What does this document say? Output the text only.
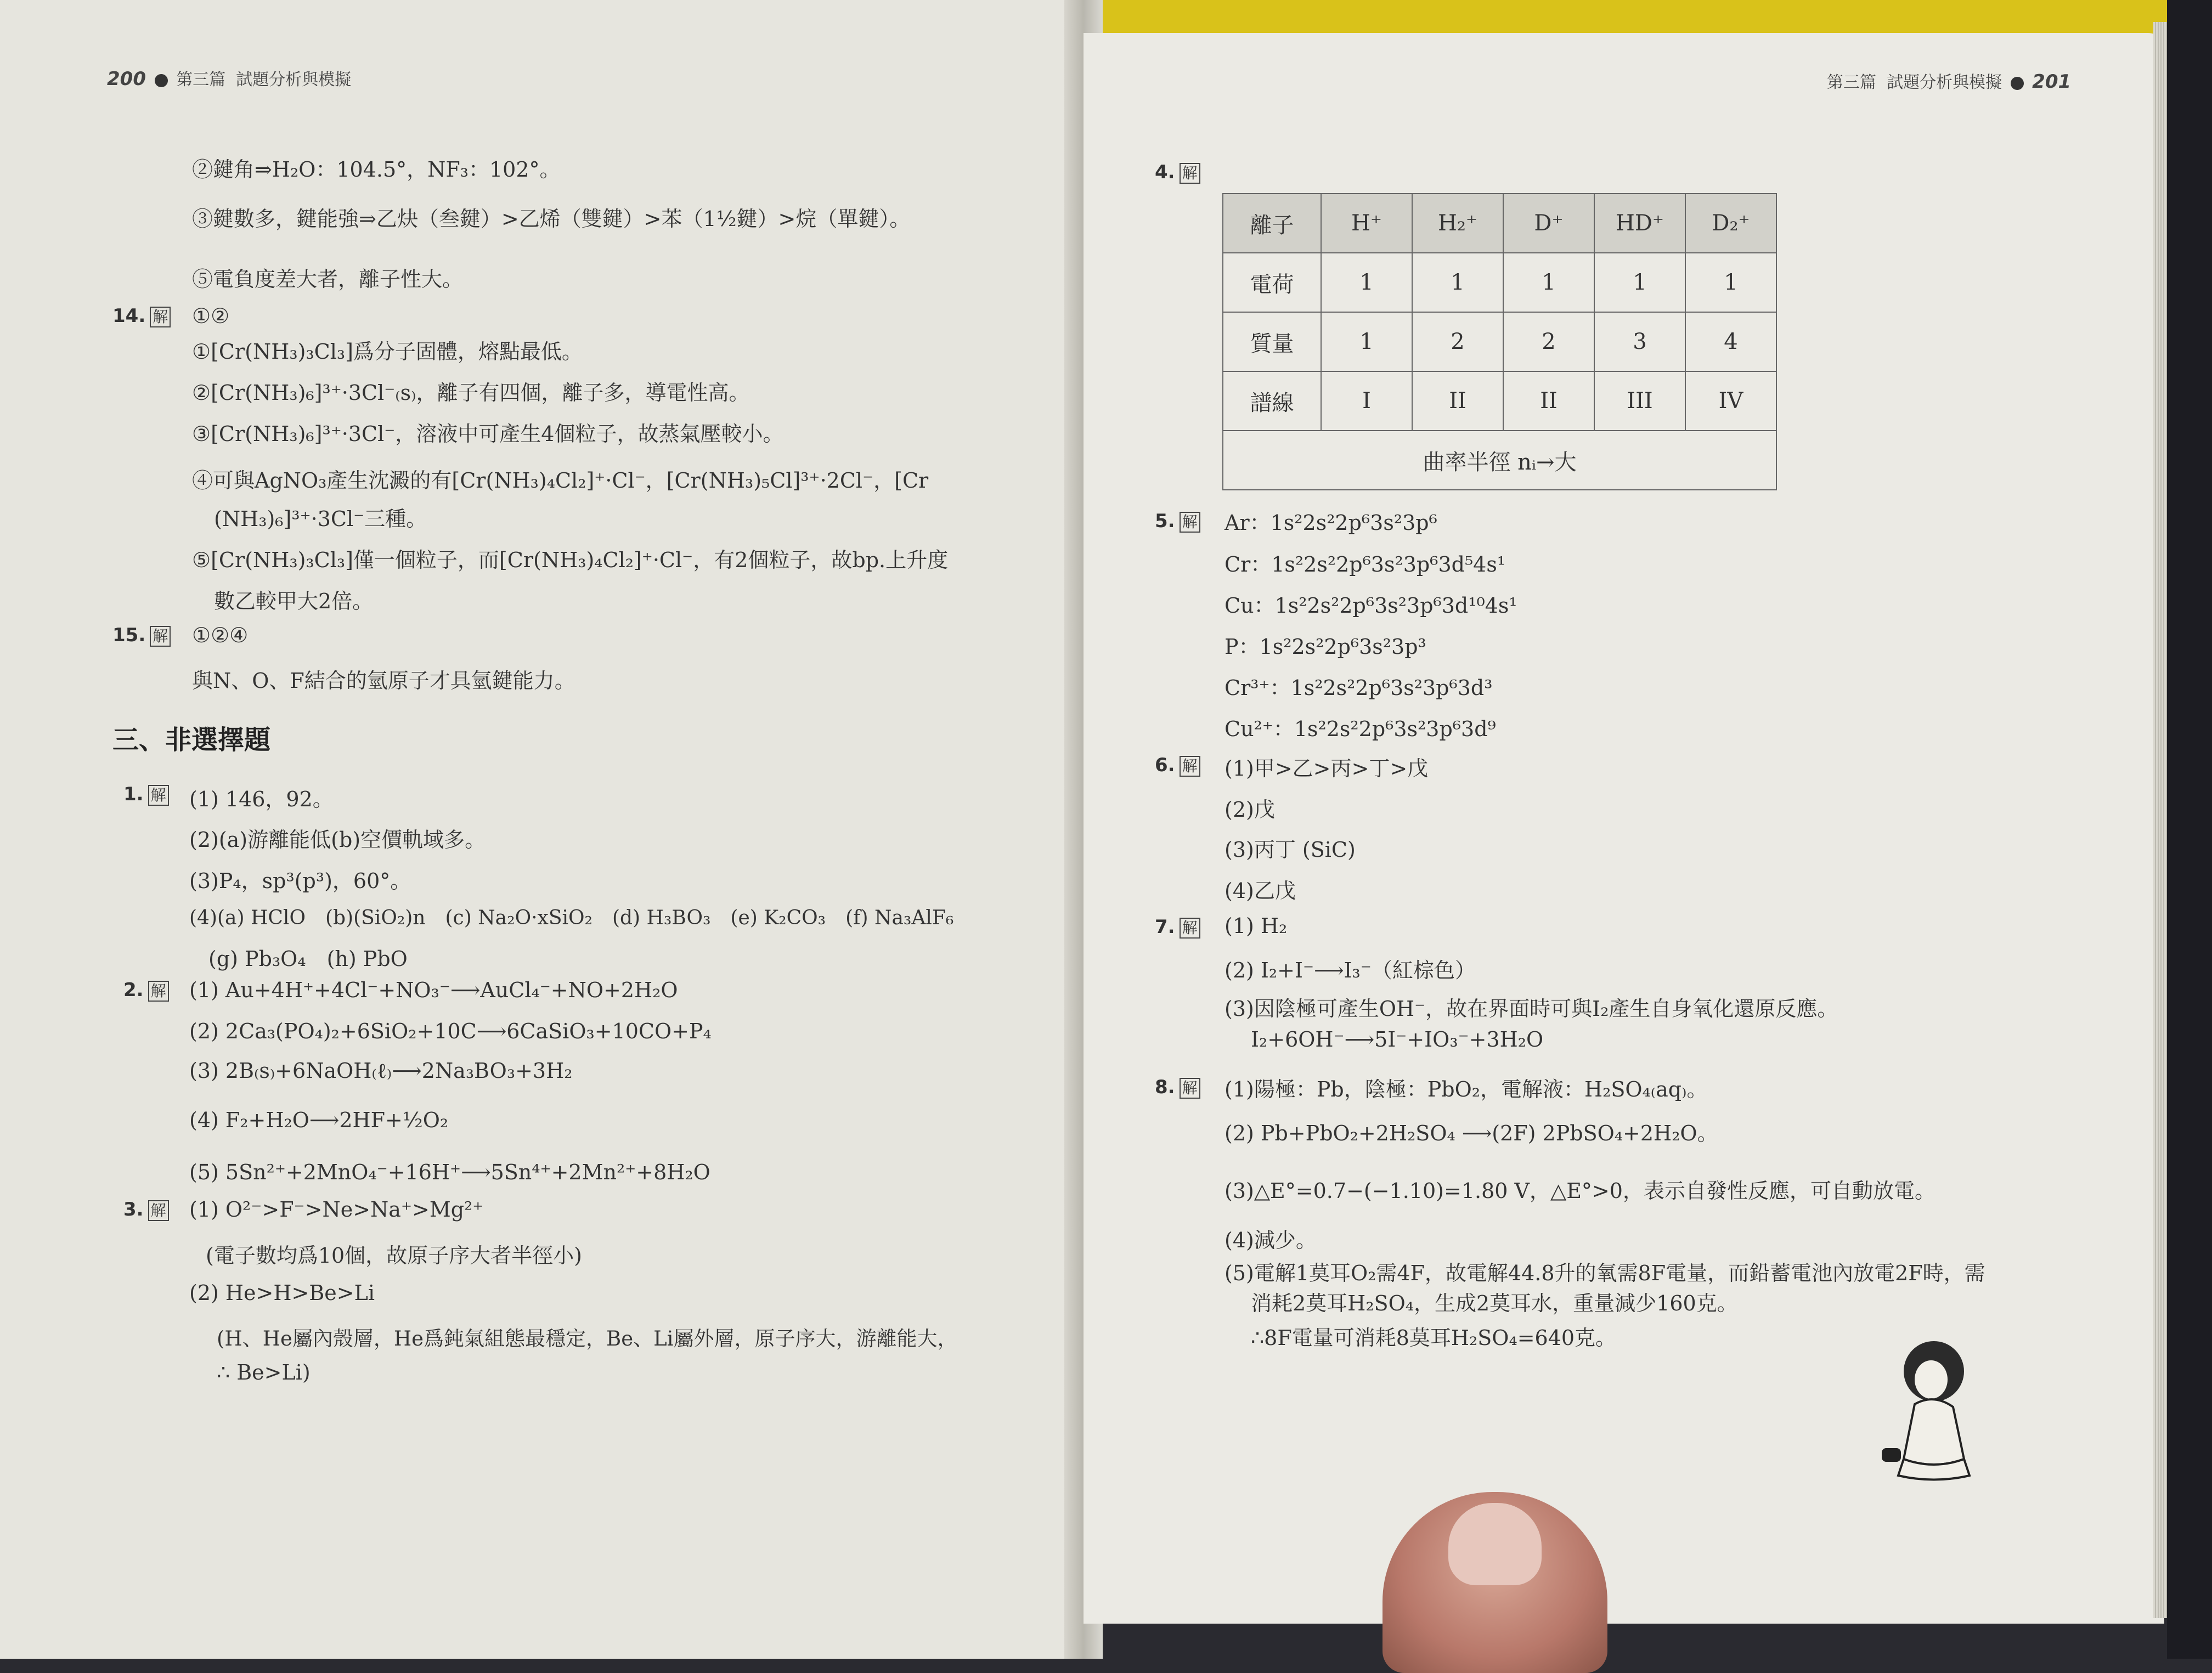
200 第三篇 試題分析與模擬
②鍵角⇒H₂O：104.5°，NF₃：102°。
③鍵數多，鍵能強⇒乙炔（叁鍵）>乙烯（雙鍵）>苯（1½鍵）>烷（單鍵）。
⑤電負度差大者，離子性大。
14. 解 ①②
①[Cr(NH₃)₃Cl₃]爲分子固體，熔點最低。
②[Cr(NH₃)₆]³⁺·3Cl⁻₍s₎，離子有四個，離子多，導電性高。
③[Cr(NH₃)₆]³⁺·3Cl⁻，溶液中可產生4個粒子，故蒸氣壓較小。
④可與AgNO₃產生沈澱的有[Cr(NH₃)₄Cl₂]⁺·Cl⁻，[Cr(NH₃)₅Cl]³⁺·2Cl⁻，[Cr
(NH₃)₆]³⁺·3Cl⁻三種。
⑤[Cr(NH₃)₃Cl₃]僅一個粒子，而[Cr(NH₃)₄Cl₂]⁺·Cl⁻，有2個粒子，故bp.上升度
數乙較甲大2倍。
15. 解 ①②④
與N、O、F結合的氫原子才具氫鍵能力。
三、非選擇題
1. 解 (1) 146，92。
(2)(a)游離能低(b)空價軌域多。
(3)P₄，sp³(p³)，60°。
(4)(a) HClO　(b)(SiO₂)n　(c) Na₂O·xSiO₂　(d) H₃BO₃　(e) K₂CO₃　(f) Na₃AlF₆
(g) Pb₃O₄　(h) PbO
2. 解 (1) Au+4H⁺+4Cl⁻+NO₃⁻⟶AuCl₄⁻+NO+2H₂O
(2) 2Ca₃(PO₄)₂+6SiO₂+10C⟶6CaSiO₃+10CO+P₄
(3) 2B₍s₎+6NaOH₍ℓ₎⟶2Na₃BO₃+3H₂
(4) F₂+H₂O⟶2HF+½O₂
(5) 5Sn²⁺+2MnO₄⁻+16H⁺⟶5Sn⁴⁺+2Mn²⁺+8H₂O
3. 解 (1) O²⁻>F⁻>Ne>Na⁺>Mg²⁺
(電子數均爲10個，故原子序大者半徑小)
(2) He>H>Be>Li
(H、He屬內殼層，He爲鈍氣組態最穩定，Be、Li屬外層，原子序大，游離能大，
∴ Be>Li)
第三篇 試題分析與模擬 201
4. 解
離子	H⁺	H₂⁺	D⁺	HD⁺	D₂⁺
電荷	1	1	1	1	1
質量	1	2	2	3	4
譜線	I	II	II	III	IV
曲率半徑 nᵢ→大					
5. 解 Ar：1s²2s²2p⁶3s²3p⁶
Cr：1s²2s²2p⁶3s²3p⁶3d⁵4s¹
Cu：1s²2s²2p⁶3s²3p⁶3d¹⁰4s¹
P：1s²2s²2p⁶3s²3p³
Cr³⁺：1s²2s²2p⁶3s²3p⁶3d³
Cu²⁺：1s²2s²2p⁶3s²3p⁶3d⁹
6. 解 (1)甲>乙>丙>丁>戊
(2)戊
(3)丙丁 (SiC)
(4)乙戊
7. 解 (1) H₂
(2) I₂+I⁻⟶I₃⁻（紅棕色）
(3)因陰極可產生OH⁻，故在界面時可與I₂產生自身氧化還原反應。
I₂+6OH⁻⟶5I⁻+IO₃⁻+3H₂O
8. 解 (1)陽極：Pb，陰極：PbO₂，電解液：H₂SO₄₍aq₎。
(2) Pb+PbO₂+2H₂SO₄ ⟶(2F) 2PbSO₄+2H₂O。
(3)△E°=0.7−(−1.10)=1.80 V，△E°>0，表示自發性反應，可自動放電。
(4)減少。
(5)電解1莫耳O₂需4F，故電解44.8升的氧需8F電量，而鉛蓄電池內放電2F時，需
消耗2莫耳H₂SO₄，生成2莫耳水，重量減少160克。
∴8F電量可消耗8莫耳H₂SO₄=640克。
